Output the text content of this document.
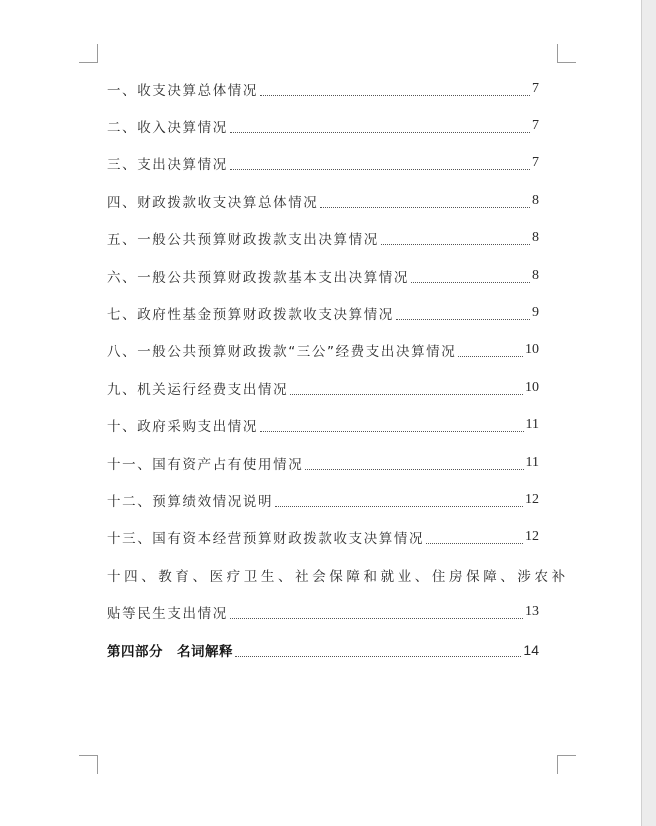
一、收支决算总体情况	7
二、收入决算情况	7
三、支出决算情况	7
四、财政拨款收支决算总体情况	8
五、一般公共预算财政拨款支出决算情况	8
六、一般公共预算财政拨款基本支出决算情况	8
七、政府性基金预算财政拨款收支决算情况	9
八、一般公共预算财政拨款“三公”经费支出决算情况	10
九、机关运行经费支出情况	10
十、政府采购支出情况	11
十一、国有资产占有使用情况	11
十二、预算绩效情况说明	12
十三、国有资本经营预算财政拨款收支决算情况	12
十四、教育、医疗卫生、社会保障和就业、住房保障、涉农补
贴等民生支出情况	13
第四部分 名词解释	14
